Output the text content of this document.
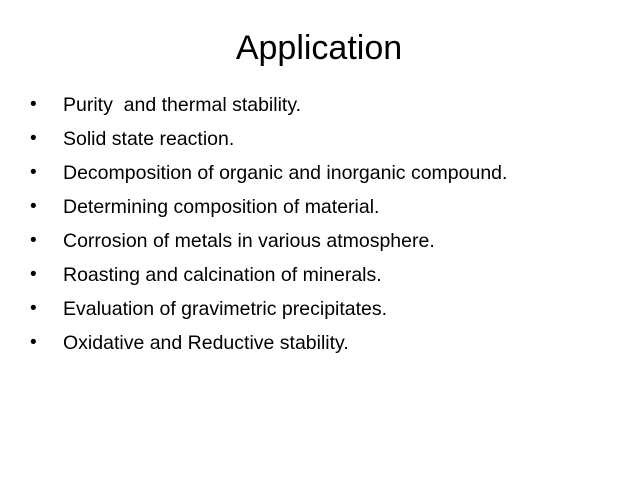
Application
•	Purity  and thermal stability.
•	Solid state reaction.
•	Decomposition of organic and inorganic compound.
•	Determining composition of material.
•	Corrosion of metals in various atmosphere.
•	Roasting and calcination of minerals.
•	Evaluation of gravimetric precipitates.
•	Oxidative and Reductive stability.
